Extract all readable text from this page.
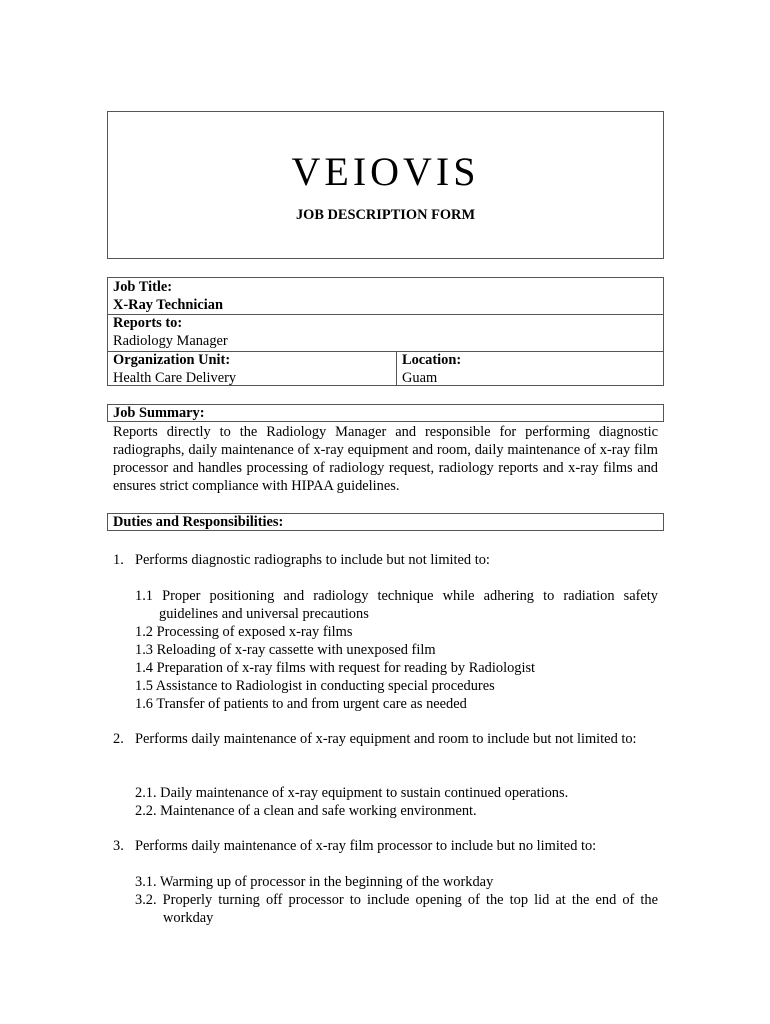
VEIOVIS
JOB DESCRIPTION FORM
Job Title:
X-Ray Technician
Reports to:
Radiology Manager
Organization Unit:
Health Care Delivery
Location:
Guam
Job Summary:
Reports directly to the Radiology Manager and responsible for performing diagnostic radiographs, daily maintenance of x-ray equipment and room, daily maintenance of x-ray film processor and handles processing of radiology request, radiology reports and x-ray films and ensures strict compliance with HIPAA guidelines.
Duties and Responsibilities:
1. Performs diagnostic radiographs to include but not limited to:
1.1 Proper positioning and radiology technique while adhering to radiation safety guidelines and universal precautions
1.2 Processing of exposed x-ray films
1.3 Reloading of x-ray cassette with unexposed film
1.4 Preparation of x-ray films with request for reading by Radiologist
1.5 Assistance to Radiologist in conducting special procedures
1.6 Transfer of patients to and from urgent care as needed
2. Performs daily maintenance of x-ray equipment and room to include but not limited to:
2.1. Daily maintenance of x-ray equipment to sustain continued operations.
2.2. Maintenance of a clean and safe working environment.
3. Performs daily maintenance of x-ray film processor to include but no limited to:
3.1. Warming up of processor in the beginning of the workday
3.2. Properly turning off processor to include opening of the top lid at the end of the workday
